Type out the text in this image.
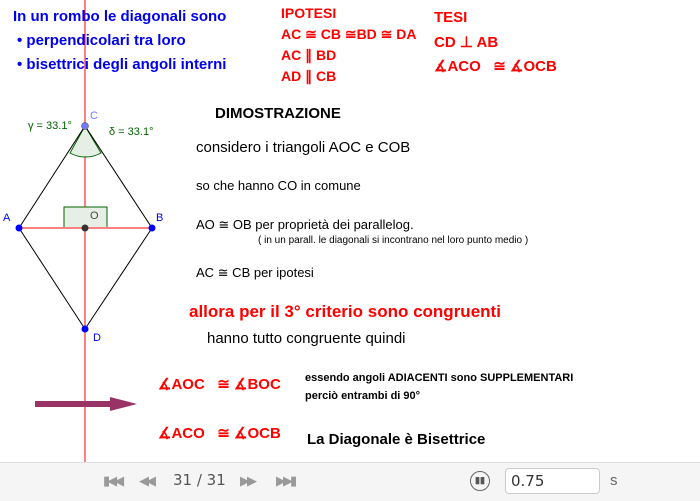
C
A	B
D
O
γ = 33.1°	δ = 33.1°
In un rombo le diagonali sono
• perpendicolari tra loro
• bisettrici degli angoli interni
IPOTESI
AC ≅ CB ≅BD ≅ DA
AC ∥ BD
AD ∥ CB
TESI
CD ⊥ AB
∡ACO   ≅ ∡OCB
DIMOSTRAZIONE
considero i triangoli AOC e COB
so che hanno CO in comune
AO ≅ OB per proprietà dei parallelog.
( in un parall. le diagonali si incontrano nel loro punto medio )
AC ≅ CB per ipotesi
allora per il 3° criterio sono congruenti
hanno tutto congruente quindi
∡AOC   ≅ ∡BOC essendo angoli ADIACENTI sono SUPPLEMENTARI
perciò entrambi di 90°
∡ACO   ≅ ∡OCB La Diagonale è Bisettrice
▮◀◀ ◀◀ 31 / 31 ▶▶ ▶▶▮	▮▮
0.75	s
